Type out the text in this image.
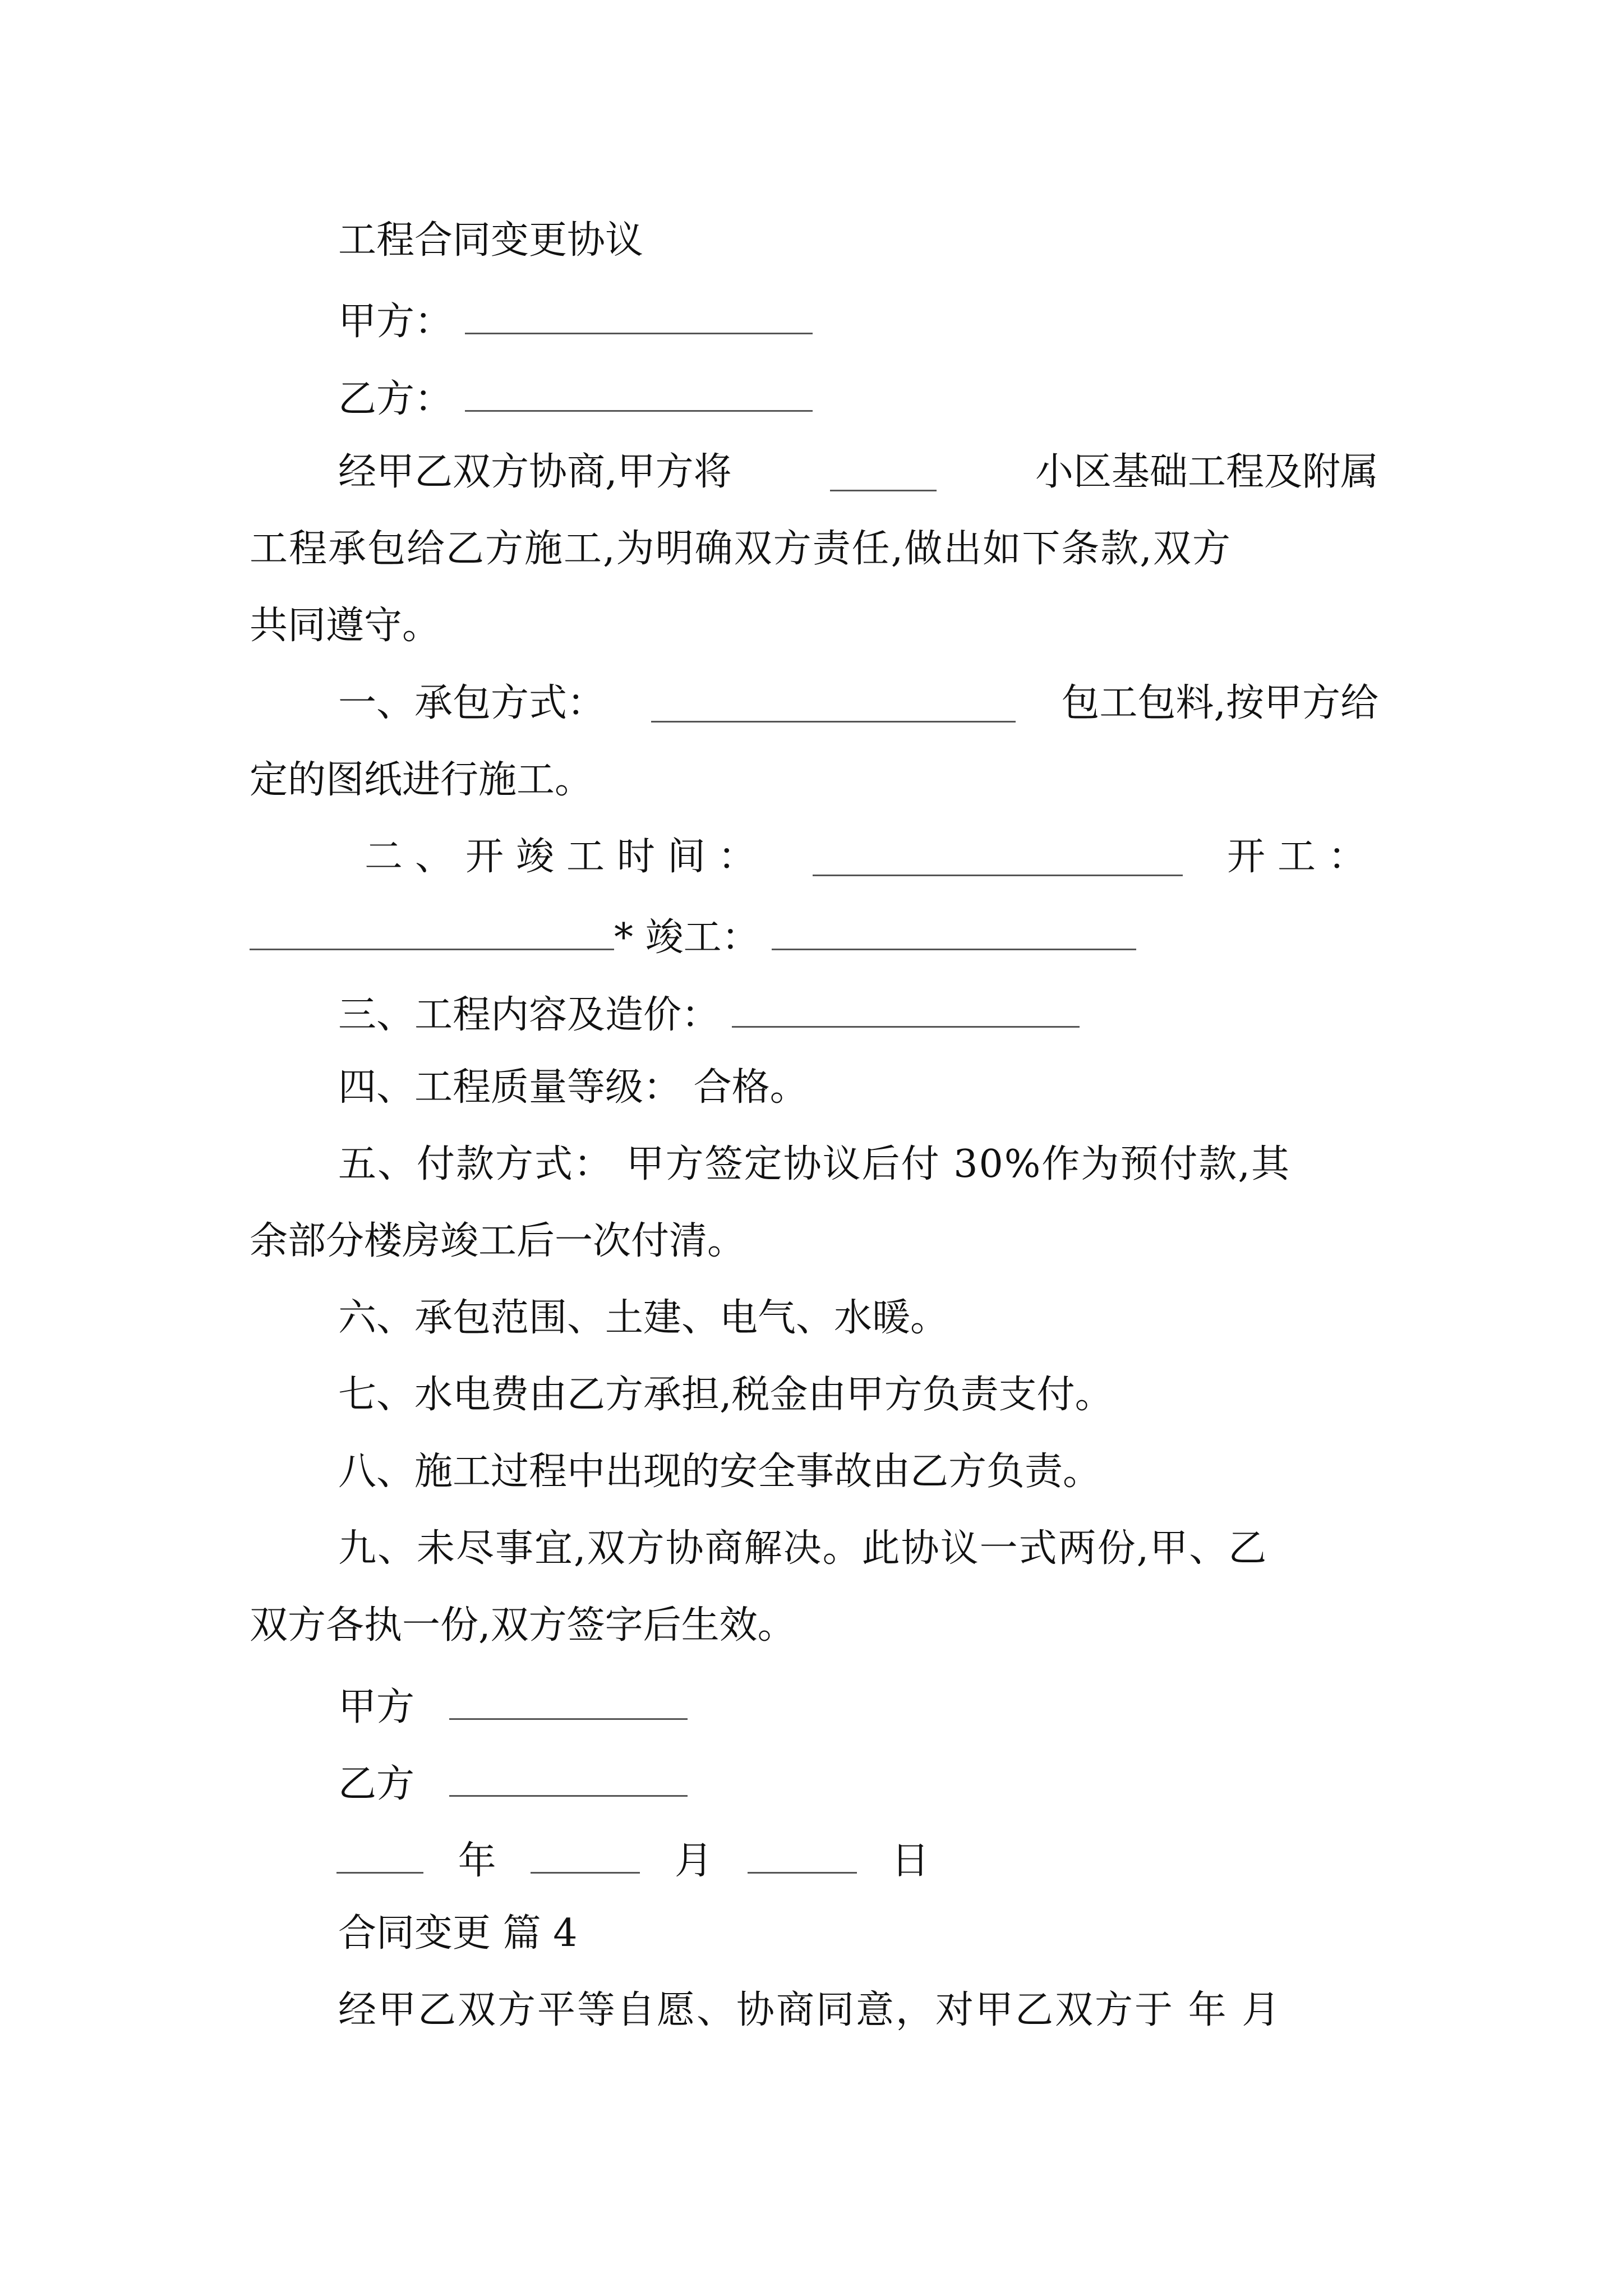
工程合同变更协议
甲方：
乙方：
经甲乙双方协商,甲方将	小区基础工程及附属
工程承包给乙方施工,为明确双方责任,做出如下条款,双方
共同遵守。
一、承包方式：	包工包料,按甲方给
定的图纸进行施工。
二、开竣工时间：	开工：
* 竣工：
三、工程内容及造价：
四、工程质量等级： 合格。
五、付款方式： 甲方签定协议后付 30%作为预付款,其
余部分楼房竣工后一次付清。
六、承包范围、土建、电气、水暖。
七、水电费由乙方承担,税金由甲方负责支付。
八、施工过程中出现的安全事故由乙方负责。
九、未尽事宜,双方协商解决。此协议一式两份,甲、乙
双方各执一份,双方签字后生效。
甲方
乙方
年	月	日
合同变更 篇 4
经甲乙双方平等自愿、协商同意，对甲乙双方于 年 月
